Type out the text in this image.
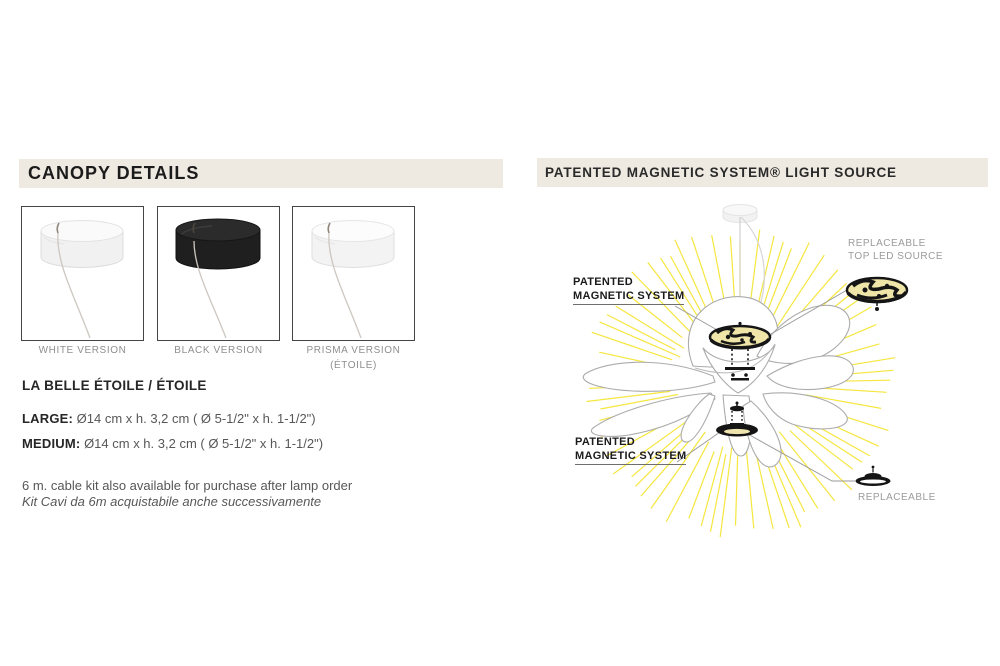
CANOPY DETAILS
WHITE VERSION	BLACK VERSION	PRISMA VERSION
(ÉTOILE)
LA BELLE ÉTOILE / ÉTOILE
LARGE: Ø14 cm x h. 3,2 cm ( Ø 5-1/2" x h. 1-1/2")
MEDIUM: Ø14 cm x h. 3,2 cm ( Ø 5-1/2" x h. 1-1/2")
6 m. cable kit also available for purchase after lamp order
Kit Cavi da 6m acquistabile anche successivamente
PATENTED MAGNETIC SYSTEM® LIGHT SOURCE
REPLACEABLE
TOP LED SOURCE
PATENTED
MAGNETIC SYSTEM
PATENTED
MAGNETIC SYSTEM
REPLACEABLE
